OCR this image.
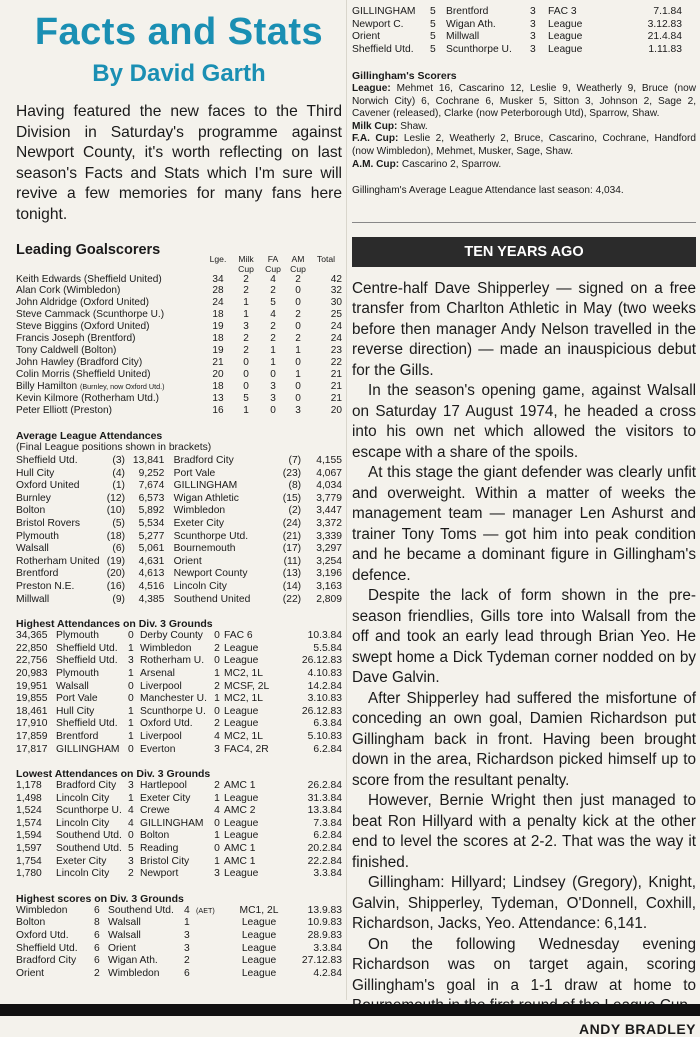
Facts and Stats
By David Garth
Having featured the new faces to the Third Division in Saturday's programme against Newport County, it's worth reflecting on last season's Facts and Stats which I'm sure will revive a few memories for many fans here tonight.
Leading Goalscorers
	Lge.	Milk	FA	AM	Total
		Cup	Cup	Cup	
Keith Edwards (Sheffield United)	34	2	4	2	42
Alan Cork (Wimbledon)	28	2	2	0	32
John Aldridge (Oxford United)	24	1	5	0	30
Steve Cammack (Scunthorpe U.)	18	1	4	2	25
Steve Biggins (Oxford United)	19	3	2	0	24
Francis Joseph (Brentford)	18	2	2	2	24
Tony Caldwell (Bolton)	19	2	1	1	23
John Hawley (Bradford City)	21	0	1	0	22
Colin Morris (Sheffield United)	20	0	0	1	21
Billy Hamilton (Burnley, now Oxford Utd.)	18	0	3	0	21
Kevin Kilmore (Rotherham Utd.)	13	5	3	0	21
Peter Elliott (Preston)	16	1	0	3	20
Average League Attendances
(Final League positions shown in brackets)
Sheffield Utd.	(3)	13,841		Bradford City	(7)	4,155
Hull City	(4)	9,252		Port Vale	(23)	4,067
Oxford United	(1)	7,674		GILLINGHAM	(8)	4,034
Burnley	(12)	6,573		Wigan Athletic	(15)	3,779
Bolton	(10)	5,892		Wimbledon	(2)	3,447
Bristol Rovers	(5)	5,534		Exeter City	(24)	3,372
Plymouth	(18)	5,277		Scunthorpe Utd.	(21)	3,339
Walsall	(6)	5,061		Bournemouth	(17)	3,297
Rotherham United	(19)	4,631		Orient	(11)	3,254
Brentford	(20)	4,613		Newport County	(13)	3,196
Preston N.E.	(16)	4,516		Lincoln City	(14)	3,163
Millwall	(9)	4,385		Southend United	(22)	2,809
Highest Attendances on Div. 3 Grounds
34,365	Plymouth	0	Derby County	0	FAC 6	10.3.84
22,850	Sheffield Utd.	1	Wimbledon	2	League	5.5.84
22,756	Sheffield Utd.	3	Rotherham U.	0	League	26.12.83
20,983	Plymouth	1	Arsenal	1	MC2, 1L	4.10.83
19,951	Walsall	0	Liverpool	2	MCSF, 2L	14.2.84
19,855	Port Vale	0	Manchester U.	1	MC2, 1L	3.10.83
18,461	Hull City	1	Scunthorpe U.	0	League	26.12.83
17,910	Sheffield Utd.	1	Oxford Utd.	2	League	6.3.84
17,859	Brentford	1	Liverpool	4	MC2, 1L	5.10.83
17,817	GILLINGHAM	0	Everton	3	FAC4, 2R	6.2.84
Lowest Attendances on Div. 3 Grounds
1,178	Bradford City	3	Hartlepool	2	AMC 1	26.2.84
1,498	Lincoln City	1	Exeter City	1	League	31.3.84
1,524	Scunthorpe U.	4	Crewe	4	AMC 2	13.3.84
1,574	Lincoln City	4	GILLINGHAM	0	League	7.3.84
1,594	Southend Utd.	0	Bolton	1	League	6.2.84
1,597	Southend Utd.	5	Reading	0	AMC 1	20.2.84
1,754	Exeter City	3	Bristol City	1	AMC 1	22.2.84
1,780	Lincoln City	2	Newport	3	League	3.3.84
Highest scores on Div. 3 Grounds
Wimbledon	6	Southend Utd.	4	(AET)	MC1, 2L	13.9.83
Bolton	8	Walsall	1		League	10.9.83
Oxford Utd.	6	Walsall	3		League	28.9.83
Sheffield Utd.	6	Orient	3		League	3.3.84
Bradford City	6	Wigan Ath.	2		League	27.12.83
Orient	2	Wimbledon	6		League	4.2.84
GILLINGHAM	5	Brentford	3	FAC 3	7.1.84
Newport C.	5	Wigan Ath.	3	League	3.12.83
Orient	5	Millwall	3	League	21.4.84
Sheffield Utd.	5	Scunthorpe U.	3	League	1.11.83
Gillingham's Scorers
League: Mehmet 16, Cascarino 12, Leslie 9, Weatherly 9, Bruce (now Norwich City) 6, Cochrane 6, Musker 5, Sitton 3, Johnson 2, Sage 2, Cavener (released), Clarke (now Peterborough Utd), Sparrow, Shaw.
Milk Cup: Shaw.
F.A. Cup: Leslie 2, Weatherly 2, Bruce, Cascarino, Cochrane, Handford (now Wimbledon), Mehmet, Musker, Sage, Shaw.
A.M. Cup: Cascarino 2, Sparrow.
Gillingham's Average League Attendance last season: 4,034.
TEN YEARS AGO

Centre-half Dave Shipperley — signed on a free transfer from Charlton Athletic in May (two weeks before then manager Andy Nelson travelled in the reverse direction) — made an inauspicious debut for the Gills.

In the season's opening game, against Walsall on Saturday 17 August 1974, he headed a cross into his own net which allowed the visitors to escape with a share of the spoils.

At this stage the giant defender was clearly unfit and overweight. Within a matter of weeks the management team — manager Len Ashurst and trainer Tony Toms — got him into peak condition and he became a dominant figure in Gillingham's defence.

Despite the lack of form shown in the pre-season friendlies, Gills tore into Walsall from the off and took an early lead through Brian Yeo. He swept home a Dick Tydeman corner nodded on by Dave Galvin.

After Shipperley had suffered the misfortune of conceding an own goal, Damien Richardson put Gillingham back in front. Having been brought down in the area, Richardson picked himself up to score from the resultant penalty.

However, Bernie Wright then just managed to beat Ron Hillyard with a penalty kick at the other end to level the scores at 2-2. That was the way it finished.

Gillingham: Hillyard; Lindsey (Gregory), Knight, Galvin, Shipperley, Tydeman, O'Donnell, Coxhill, Richardson, Jacks, Yeo. Attendance: 6,141.

On the following Wednesday evening Richardson was on target again, scoring Gillingham's goal in a 1-1 draw at home to

ANDY BRADLEY
